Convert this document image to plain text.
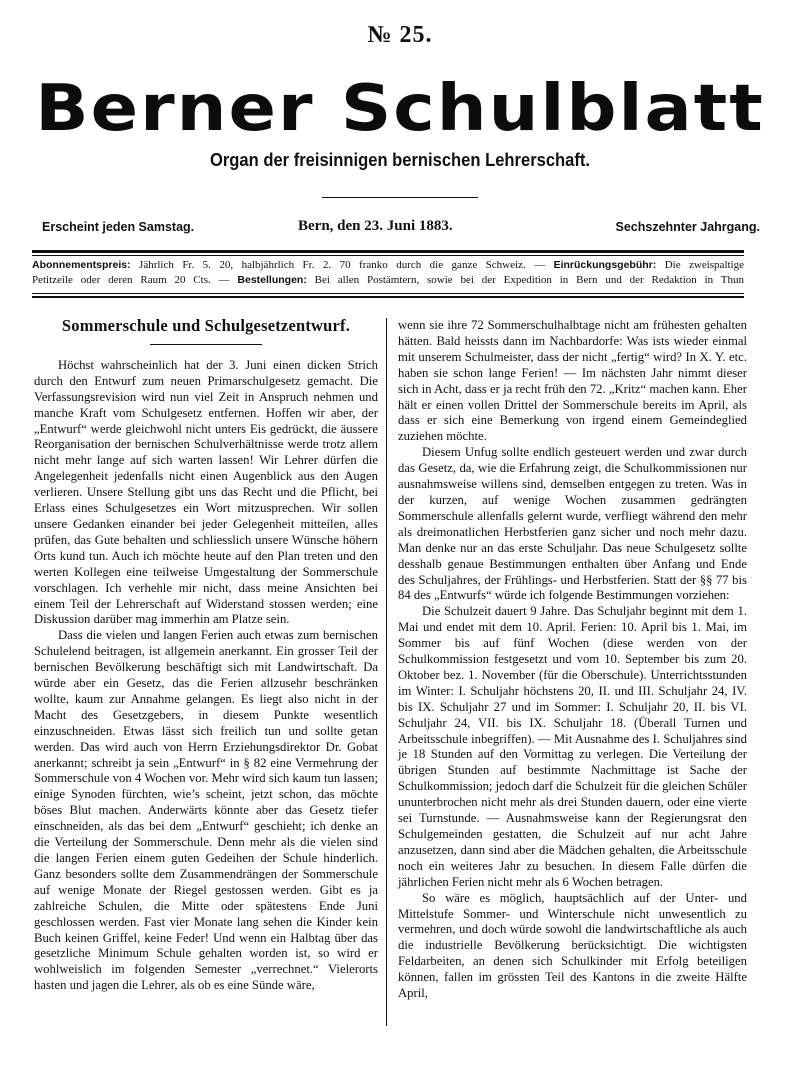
№ 25.
Berner Schulblatt
Organ der freisinnigen bernischen Lehrerschaft.
Erscheint jeden Samstag.	Bern, den 23. Juni 1883.	Sechszehnter Jahrgang.
Abonnementspreis: Jährlich Fr. 5. 20, halbjährlich Fr. 2. 70 franko durch die ganze Schweiz. — Einrückungsgebühr: Die zweispaltige
Petitzeile oder deren Raum 20 Cts. — Bestellungen: Bei allen Postämtern, sowie bei der Expedition in Bern und der Redaktion in Thun
Sommerschule und Schulgesetzentwurf.

Höchst wahrscheinlich hat der 3. Juni einen dicken Strich durch den Entwurf zum neuen Primarschulgesetz gemacht. Die Verfassungsrevision wird nun viel Zeit in Anspruch nehmen und manche Kraft vom Schulgesetz entfernen. Hoffen wir aber, der „Entwurf“ werde gleichwohl nicht unters Eis gedrückt, die äussere Reorganisation der bernischen Schulverhältnisse werde trotz allem nicht mehr lange auf sich warten lassen! Wir Lehrer dürfen die Angelegenheit jedenfalls nicht einen Augenblick aus den Augen verlieren. Unsere Stellung gibt uns das Recht und die Pflicht, bei Erlass eines Schulgesetzes ein Wort mitzusprechen. Wir sollen unsere Gedanken einander bei jeder Gelegenheit mitteilen, alles prüfen, das Gute behalten und schliesslich unsere Wünsche höhern Orts kund tun. Auch ich möchte heute auf den Plan treten und den werten Kollegen eine teilweise Umgestaltung der Sommerschule vorschlagen. Ich verhehle mir nicht, dass meine Ansichten bei einem Teil der Lehrerschaft auf Widerstand stossen werden; eine Diskussion darüber mag immerhin am Platze sein.

Dass die vielen und langen Ferien auch etwas zum bernischen Schulelend beitragen, ist allgemein anerkannt. Ein grosser Teil der bernischen Bevölkerung beschäftigt sich mit Landwirtschaft. Da würde aber ein Gesetz, das die Ferien allzusehr beschränken wollte, kaum zur Annahme gelangen. Es liegt also nicht in der Macht des Gesetzgebers, in diesem Punkte wesentlich einzuschneiden. Etwas lässt sich freilich tun und sollte getan werden. Das wird auch von Herrn Erziehungsdirektor Dr. Gobat anerkannt; schreibt ja sein „Entwurf“ in § 82 eine Vermehrung der Sommerschule von 4 Wochen vor. Mehr wird sich kaum tun lassen; einige Synoden fürchten, wie’s scheint, jetzt schon, das möchte böses Blut machen. Anderwärts könnte aber das Gesetz tiefer einschneiden, als das bei dem „Entwurf“ geschieht; ich denke an die Verteilung der Sommerschule. Denn mehr als die vielen sind die langen Ferien einem guten Gedeihen der Schule hinderlich. Ganz besonders sollte dem Zusammendrängen der Sommerschule auf wenige Monate der Riegel gestossen werden. Gibt es ja zahlreiche Schulen, die Mitte oder spätestens Ende Juni geschlossen werden. Fast vier Monate lang sehen die Kinder kein Buch keinen Griffel, keine Feder! Und wenn ein Halbtag über das gesetzliche Minimum Schule gehalten worden ist, so wird er wohlweislich im folgenden Semester „verrechnet.“ Vielerorts hasten und jagen die Lehrer, als ob es eine Sünde wäre,

wenn sie ihre 72 Sommerschulhalbtage nicht am frühesten gehalten hätten. Bald heissts dann im Nachbardorfe: Was ists wieder einmal mit unserem Schulmeister, dass der nicht „fertig“ wird? In X. Y. etc. haben sie schon lange Ferien! — Im nächsten Jahr nimmt dieser sich in Acht, dass er ja recht früh den 72. „Kritz“ machen kann. Eher hält er einen vollen Drittel der Sommerschule bereits im April, als dass er sich eine Bemerkung von irgend einem Gemeindeglied zuziehen möchte.

Diesem Unfug sollte endlich gesteuert werden und zwar durch das Gesetz, da, wie die Erfahrung zeigt, die Schulkommissionen nur ausnahmsweise willens sind, demselben entgegen zu treten. Was in der kurzen, auf wenige Wochen zusammen gedrängten Sommerschule allenfalls gelernt wurde, verfliegt während den mehr als dreimonatlichen Herbstferien ganz sicher und noch mehr dazu. Man denke nur an das erste Schuljahr. Das neue Schulgesetz sollte desshalb genaue Bestimmungen enthalten über Anfang und Ende des Schuljahres, der Frühlings- und Herbstferien. Statt der §§ 77 bis 84 des „Entwurfs“ würde ich folgende Bestimmungen vorziehen:

Die Schulzeit dauert 9 Jahre. Das Schuljahr beginnt mit dem 1. Mai und endet mit dem 10. April. Ferien: 10. April bis 1. Mai, im Sommer bis auf fünf Wochen (diese werden von der Schulkommission festgesetzt und vom 10. September bis zum 20. Oktober bez. 1. November (für die Oberschule). Unterrichtsstunden im Winter: I. Schuljahr höchstens 20, II. und III. Schuljahr 24, IV. bis IX. Schuljahr 27 und im Sommer: I. Schuljahr 20, II. bis VI. Schuljahr 24, VII. bis IX. Schuljahr 18. (Überall Turnen und Arbeitsschule inbegriffen). — Mit Ausnahme des I. Schuljahres sind je 18 Stunden auf den Vormittag zu verlegen. Die Verteilung der übrigen Stunden auf bestimmte Nachmittage ist Sache der Schulkommission; jedoch darf die Schulzeit für die gleichen Schüler ununterbrochen nicht mehr als drei Stunden dauern, oder eine vierte sei Turnstunde. — Ausnahmsweise kann der Regierungsrat den Schulgemeinden gestatten, die Schulzeit auf nur acht Jahre anzusetzen, dann sind aber die Mädchen gehalten, die Arbeitsschule noch ein weiteres Jahr zu besuchen. In diesem Falle dürfen die jährlichen Ferien nicht mehr als 6 Wochen betragen.

So wäre es möglich, hauptsächlich auf der Unter- und Mittelstufe Sommer- und Winterschule nicht unwesentlich zu vermehren, und doch würde sowohl die landwirtschaftliche als auch die industrielle Bevölkerung berücksichtigt. Die wichtigsten Feldarbeiten, an denen sich Schulkinder mit Erfolg beteiligen können, fallen im grössten Teil des Kantons in die zweite Hälfte April,
